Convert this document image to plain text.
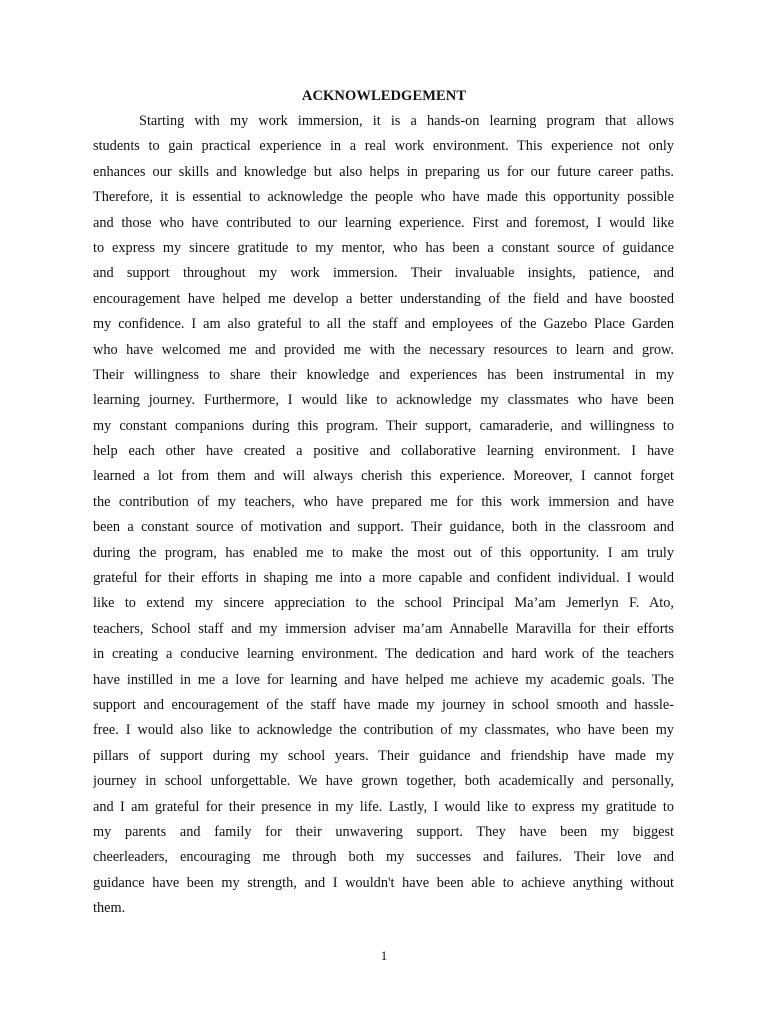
ACKNOWLEDGEMENT
Starting with my work immersion, it is a hands-on learning program that allows
students to gain practical experience in a real work environment. This experience not only
enhances our skills and knowledge but also helps in preparing us for our future career paths.
Therefore, it is essential to acknowledge the people who have made this opportunity possible
and those who have contributed to our learning experience. First and foremost, I would like
to express my sincere gratitude to my mentor, who has been a constant source of guidance
and support throughout my work immersion. Their invaluable insights, patience, and
encouragement have helped me develop a better understanding of the field and have boosted
my confidence. I am also grateful to all the staff and employees of the Gazebo Place Garden
who have welcomed me and provided me with the necessary resources to learn and grow.
Their willingness to share their knowledge and experiences has been instrumental in my
learning journey. Furthermore, I would like to acknowledge my classmates who have been
my constant companions during this program. Their support, camaraderie, and willingness to
help each other have created a positive and collaborative learning environment. I have
learned a lot from them and will always cherish this experience. Moreover, I cannot forget
the contribution of my teachers, who have prepared me for this work immersion and have
been a constant source of motivation and support. Their guidance, both in the classroom and
during the program, has enabled me to make the most out of this opportunity. I am truly
grateful for their efforts in shaping me into a more capable and confident individual. I would
like to extend my sincere appreciation to the school Principal Ma’am Jemerlyn F. Ato,
teachers, School staff and my immersion adviser ma’am Annabelle Maravilla for their efforts
in creating a conducive learning environment. The dedication and hard work of the teachers
have instilled in me a love for learning and have helped me achieve my academic goals. The
support and encouragement of the staff have made my journey in school smooth and hassle-
free. I would also like to acknowledge the contribution of my classmates, who have been my
pillars of support during my school years. Their guidance and friendship have made my
journey in school unforgettable. We have grown together, both academically and personally,
and I am grateful for their presence in my life. Lastly, I would like to express my gratitude to
my parents and family for their unwavering support. They have been my biggest
cheerleaders, encouraging me through both my successes and failures. Their love and
guidance have been my strength, and I wouldn't have been able to achieve anything without
them.
1
